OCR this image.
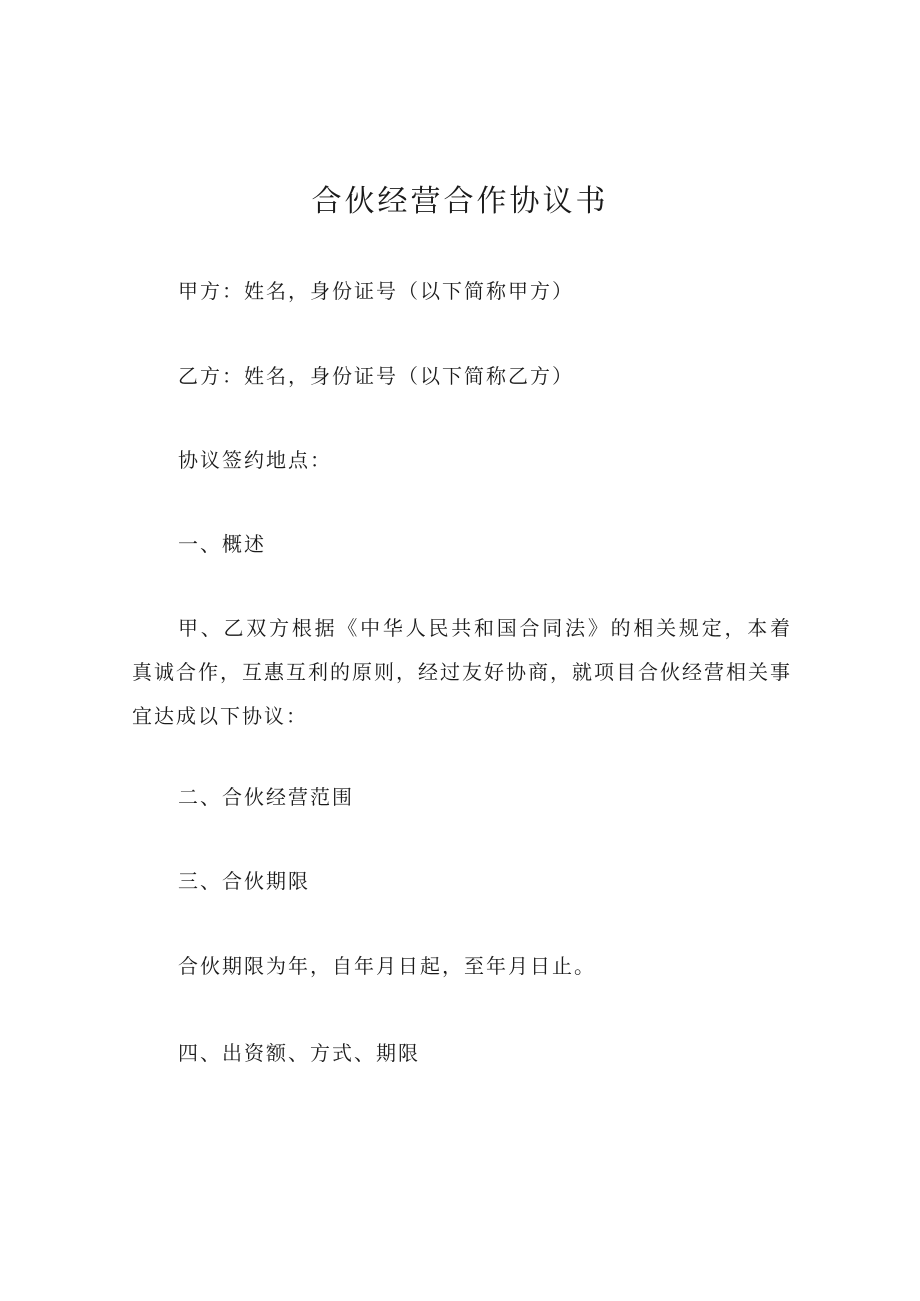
合伙经营合作协议书

甲方：姓名，身份证号（以下简称甲方）

乙方：姓名，身份证号（以下简称乙方）

协议签约地点：

一、概述

甲、乙双方根据《中华人民共和国合同法》的相关规定，本着真诚合作，互惠互利的原则，经过友好协商，就项目合伙经营相关事宜达成以下协议：

二、合伙经营范围

三、合伙期限

合伙期限为年，自年月日起，至年月日止。

四、出资额、方式、期限
